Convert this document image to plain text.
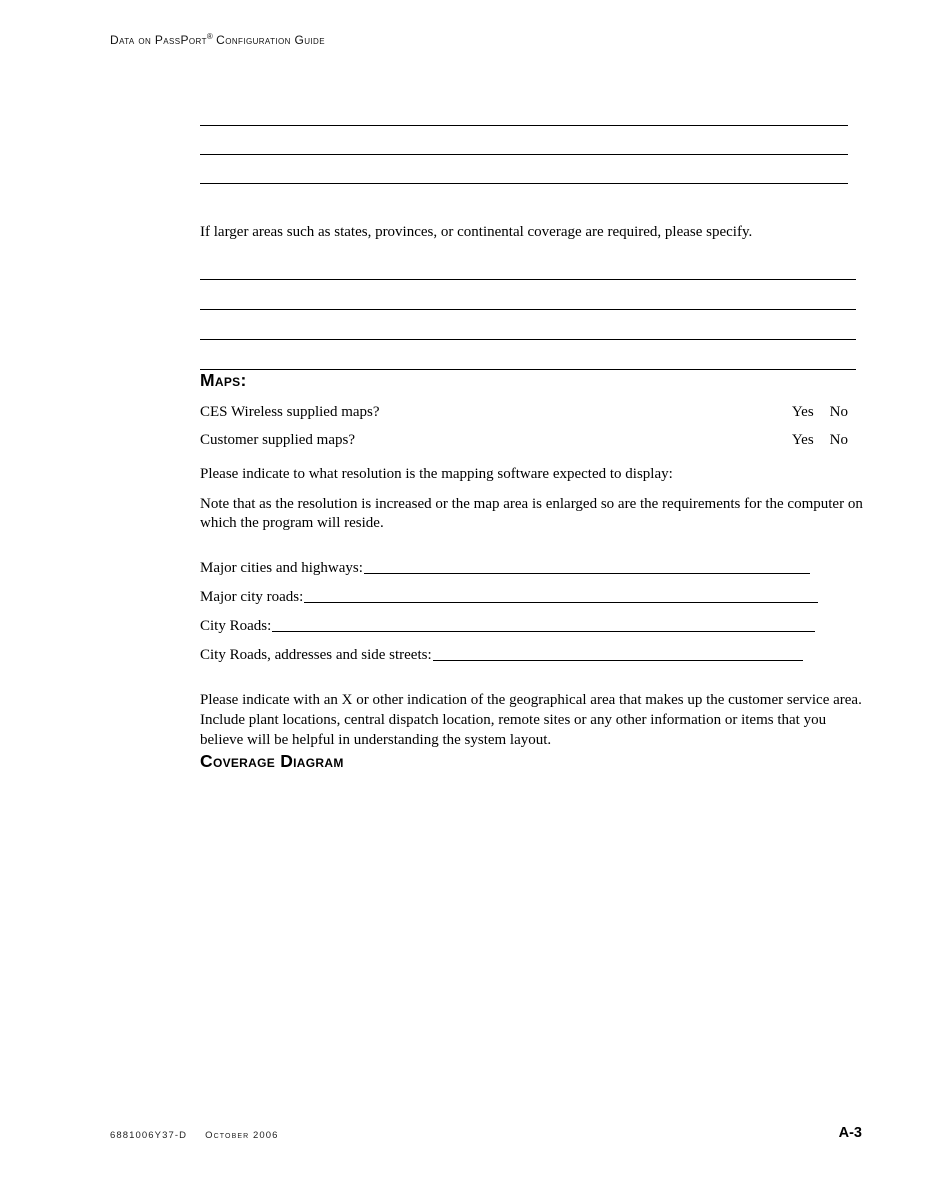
Data on PassPort® Configuration Guide

If larger areas such as states, provinces, or continental coverage are required, please specify.

Maps:
CES Wireless supplied maps?	Yes No
Customer supplied maps?	Yes No

Please indicate to what resolution is the mapping software expected to display:

Note that as the resolution is increased or the map area is enlarged so are the requirements for the computer on which the program will reside.

Major cities and highways:
Major city roads:
City Roads:
City Roads, addresses and side streets:

Please indicate with an X or other indication of the geographical area that makes up the customer service area. Include plant locations, central dispatch location, remote sites or any other information or items that you believe will be helpful in understanding the system layout.

Coverage Diagram
6881006Y37-D October 2006	A-3
